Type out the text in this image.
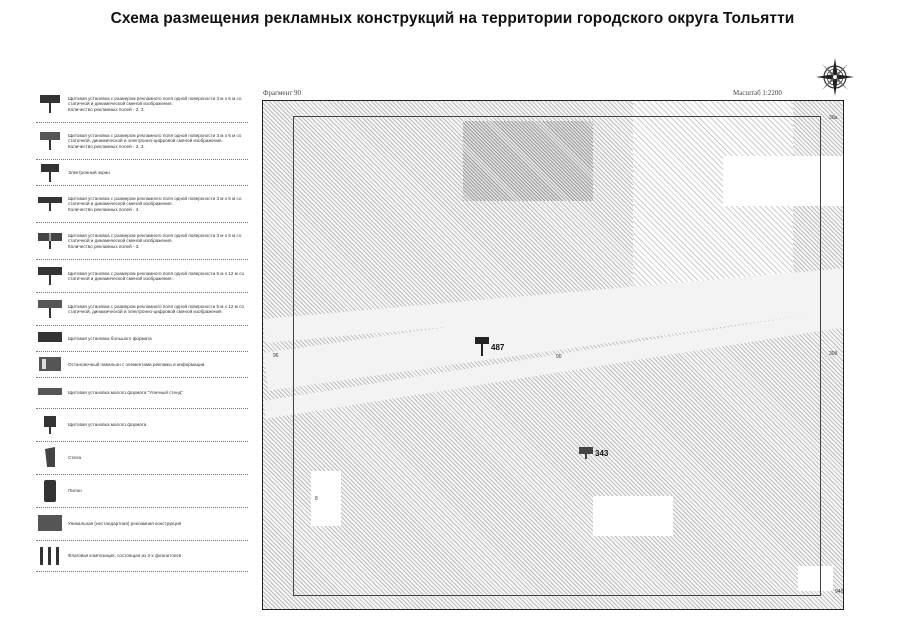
Схема размещения рекламных конструкций на территории городского округа Тольятти
Щитовая установка с размером рекламного поля одной поверхности 3 м х 6 м со статичной и динамической сменой изображения.
Количество рекламных полей - 2, 3.
Щитовая установка с размером рекламного поля одной поверхности 3 м х 6 м со статичной, динамической и электронно-цифровой сменой изображения.
Количество рекламных полей - 2, 3.
Электронный экран
Щитовая установка с размером рекламного поля одной поверхности 3 м х 6 м со статичной и динамической сменой изображения.
Количество рекламных полей - 4.
Щитовая установка с размером рекламного поля одной поверхности 3 м х 6 м со статичной и динамической сменой изображения.
Количество рекламных полей - 3.
Щитовая установка с размером рекламного поля одной поверхности 5 м х 12 м со статичной и динамической сменой изображения.
Щитовая установка с размером рекламного поля одной поверхности 5 м х 12 м со статичной, динамической и электронно-цифровой сменой изображения.
Щитовая установка большого формата
Остановочный павильон с элементами рекламы и информации.
Щитовая установка малого формата "Уличный стенд"
Щитовая установка малого формата
Стела
Пилон
Уникальная (нестандартная) рекламная конструкция
Флаговая композиция, состоящая из 3-х флагштоков
Фрагмент 90	Масштаб 1:2200
30а
30б
96	90
94б
8
487
343
